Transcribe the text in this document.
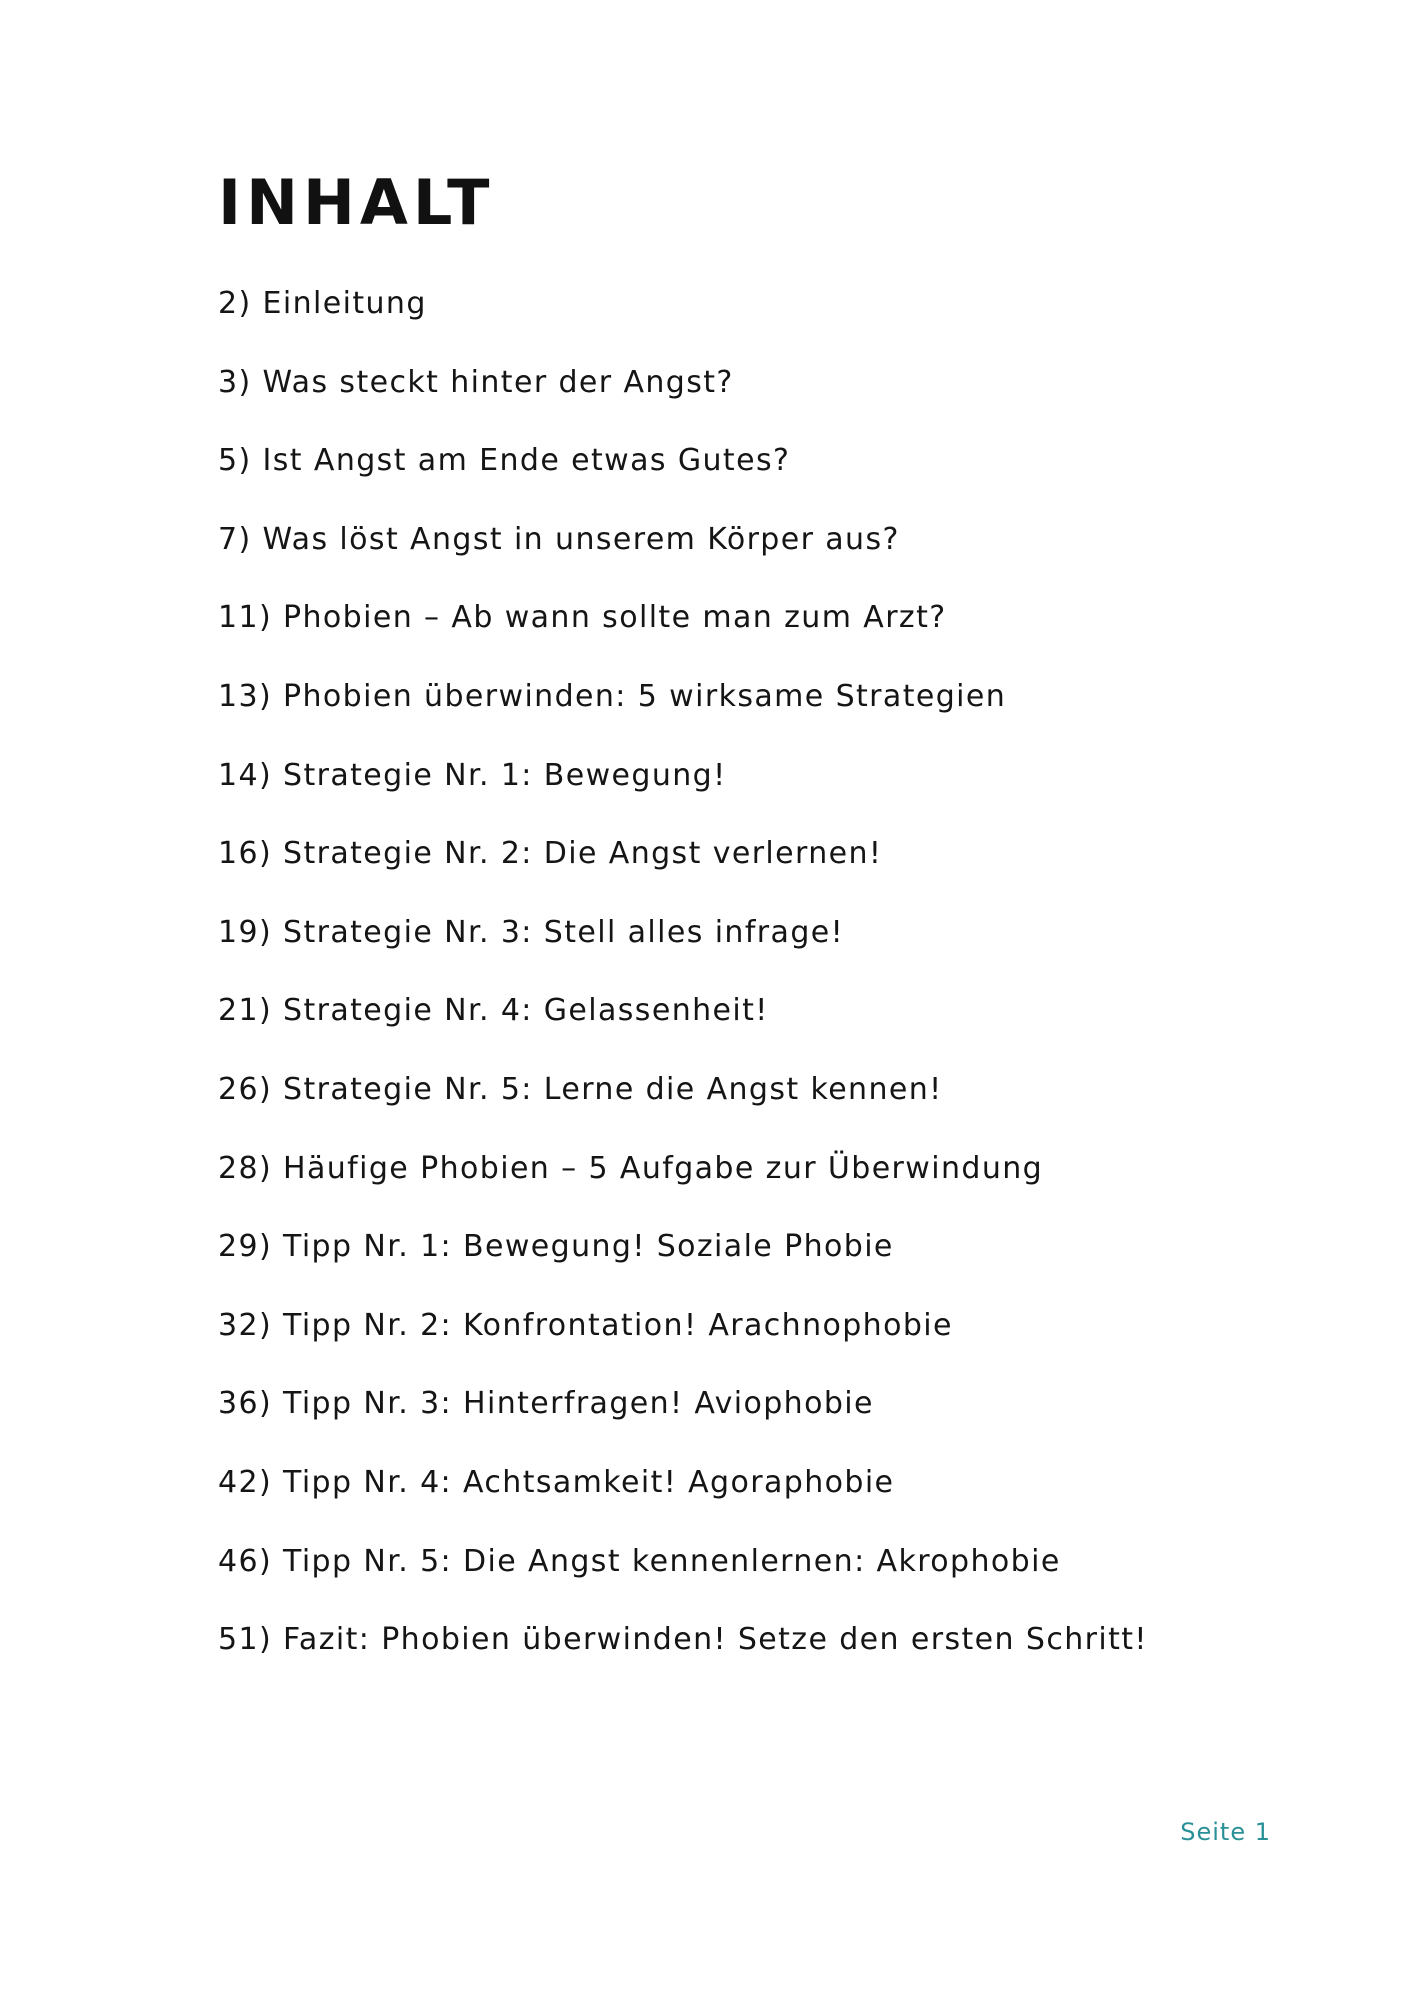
INHALT
2) Einleitung
3) Was steckt hinter der Angst?
5) Ist Angst am Ende etwas Gutes?
7) Was löst Angst in unserem Körper aus?
11) Phobien – Ab wann sollte man zum Arzt?
13) Phobien überwinden: 5 wirksame Strategien
14) Strategie Nr. 1: Bewegung!
16) Strategie Nr. 2: Die Angst verlernen!
19) Strategie Nr. 3: Stell alles infrage!
21) Strategie Nr. 4: Gelassenheit!
26) Strategie Nr. 5: Lerne die Angst kennen!
28) Häufige Phobien – 5 Aufgabe zur Überwindung
29) Tipp Nr. 1: Bewegung! Soziale Phobie
32) Tipp Nr. 2: Konfrontation! Arachnophobie
36) Tipp Nr. 3: Hinterfragen! Aviophobie
42) Tipp Nr. 4: Achtsamkeit! Agoraphobie
46) Tipp Nr. 5: Die Angst kennenlernen: Akrophobie
51) Fazit: Phobien überwinden! Setze den ersten Schritt!
Seite 1
